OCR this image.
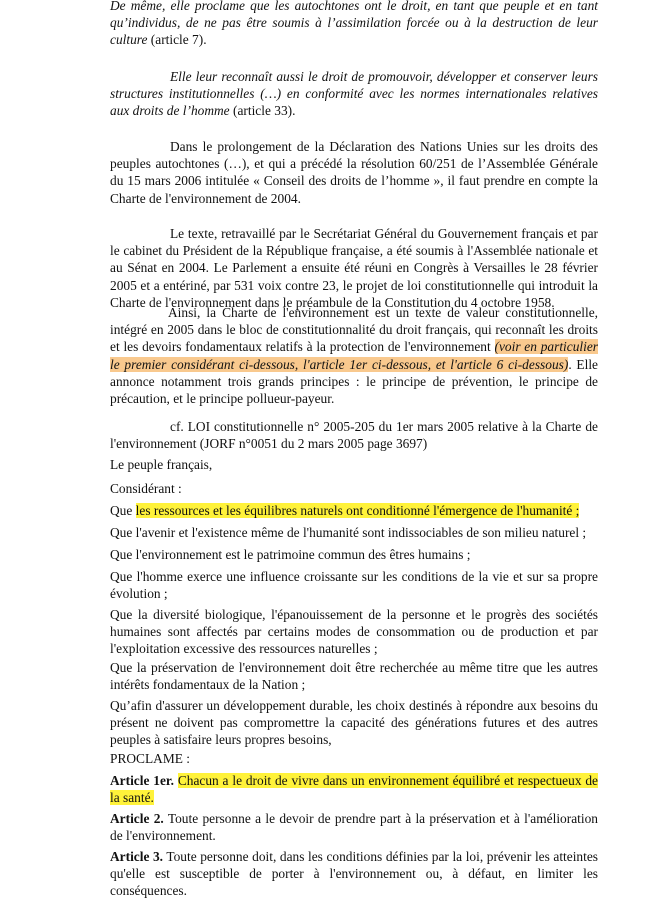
De même, elle proclame que les autochtones ont le droit, en tant que peuple et en tant qu’individus, de ne pas être soumis à l’assimilation forcée ou à la destruction de leur culture (article 7).

Elle leur reconnaît aussi le droit de promouvoir, développer et conserver leurs structures institutionnelles (…) en conformité avec les normes internationales relatives aux droits de l’homme (article 33).

Dans le prolongement de la Déclaration des Nations Unies sur les droits des peuples autochtones (…), et qui a précédé la résolution 60/251 de l’Assemblée Générale du 15 mars 2006 intitulée « Conseil des droits de l’homme », il faut prendre en compte la Charte de l'environnement de 2004.

Le texte, retravaillé par le Secrétariat Général du Gouvernement français et par le cabinet du Président de la République française, a été soumis à l'Assemblée nationale et au Sénat en 2004. Le Parlement a ensuite été réuni en Congrès à Versailles le 28 février 2005 et a entériné, par 531 voix contre 23, le projet de loi constitutionnelle qui introduit la Charte de l'environnement dans le préambule de la Constitution du 4 octobre 1958.

Ainsi, la Charte de l'environnement est un texte de valeur constitutionnelle, intégré en 2005 dans le bloc de constitutionnalité du droit français, qui reconnaît les droits et les devoirs fondamentaux relatifs à la protection de l'environnement (voir en particulier le premier considérant ci-dessous, l'article 1er ci-dessous, et l'article 6 ci-dessous). Elle annonce notamment trois grands principes : le principe de prévention, le principe de précaution, et le principe pollueur-payeur.

cf. LOI constitutionnelle n° 2005-205 du 1er mars 2005 relative à la Charte de l'environnement (JORF n°0051 du 2 mars 2005 page 3697)

Le peuple français,

Considérant :

Que les ressources et les équilibres naturels ont conditionné l'émergence de l'humanité ;

Que l'avenir et l'existence même de l'humanité sont indissociables de son milieu naturel ;

Que l'environnement est le patrimoine commun des êtres humains ;

Que l'homme exerce une influence croissante sur les conditions de la vie et sur sa propre évolution ;

Que la diversité biologique, l'épanouissement de la personne et le progrès des sociétés humaines sont affectés par certains modes de consommation ou de production et par l'exploitation excessive des ressources naturelles ;

Que la préservation de l'environnement doit être recherchée au même titre que les autres intérêts fondamentaux de la Nation ;

Qu’afin d'assurer un développement durable, les choix destinés à répondre aux besoins du présent ne doivent pas compromettre la capacité des générations futures et des autres peuples à satisfaire leurs propres besoins,

PROCLAME :

Article 1er. Chacun a le droit de vivre dans un environnement équilibré et respectueux de la santé.

Article 2. Toute personne a le devoir de prendre part à la préservation et à l'amélioration de l'environnement.

Article 3. Toute personne doit, dans les conditions définies par la loi, prévenir les atteintes qu'elle est susceptible de porter à l'environnement ou, à défaut, en limiter les conséquences.
